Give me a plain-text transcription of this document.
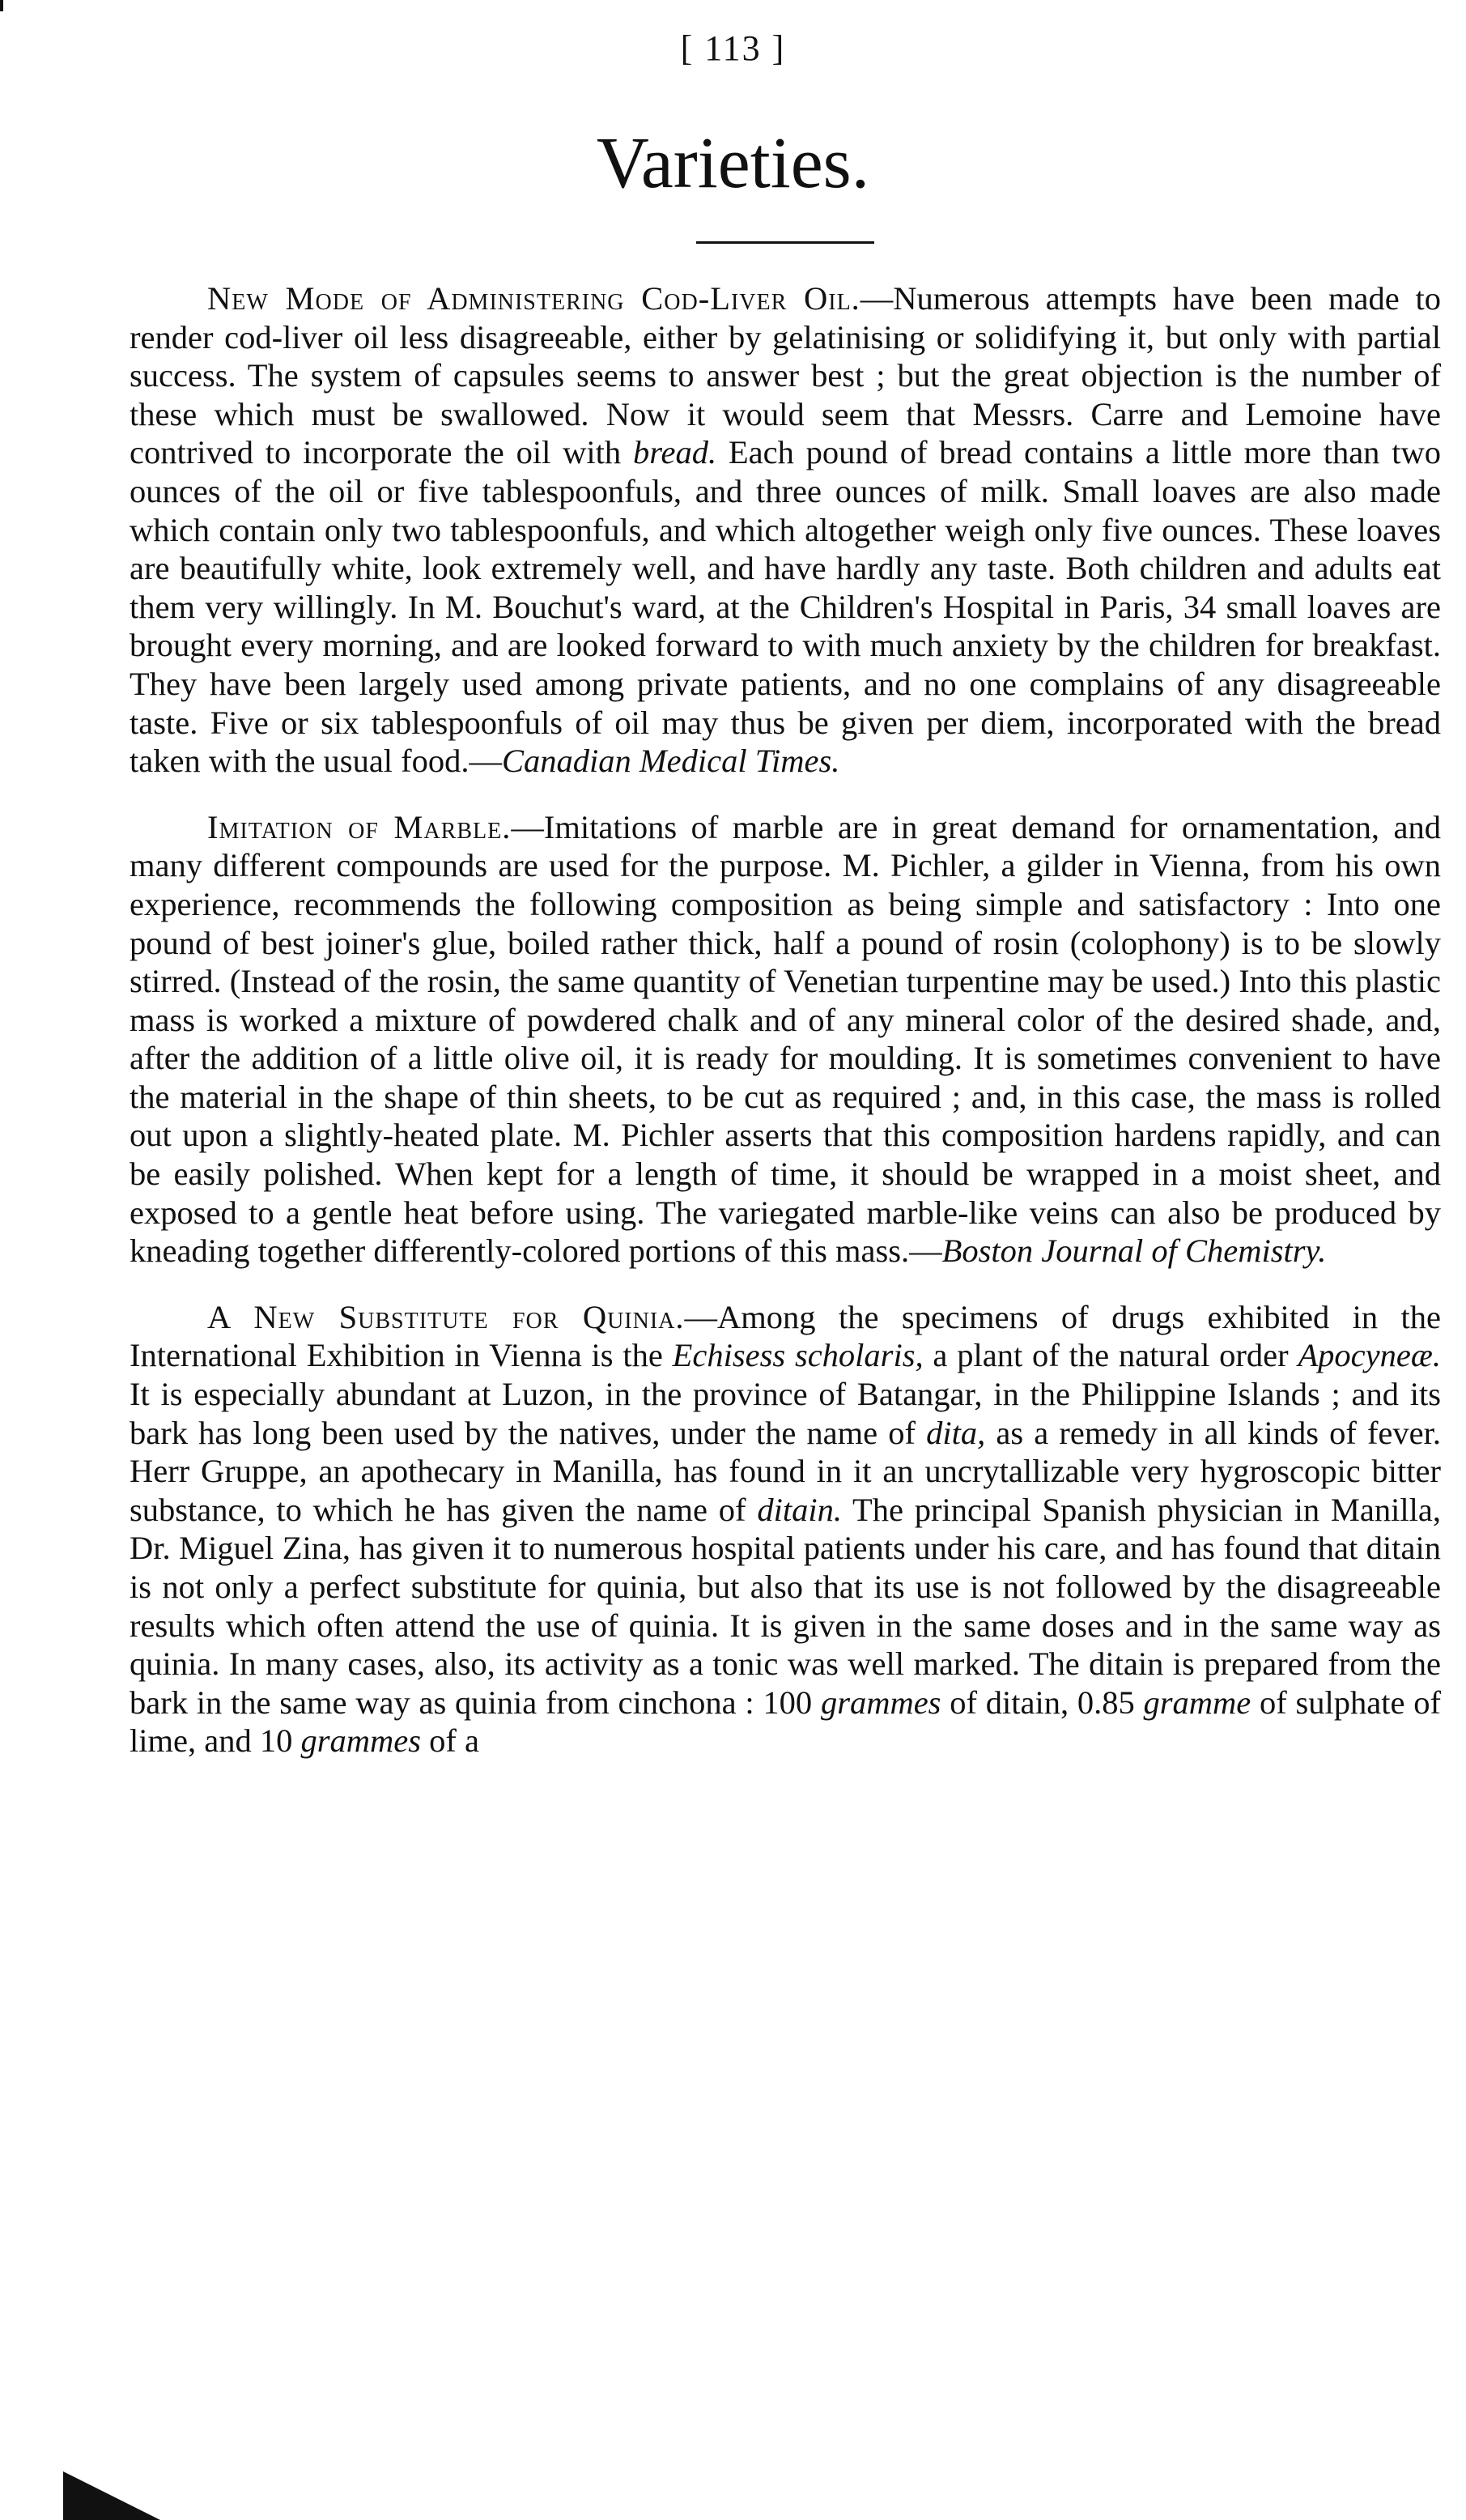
[ 113 ]
Varieties.

New Mode of Administering Cod-Liver Oil.—Numerous attempts have been made to render cod-liver oil less disagreeable, either by gelatinising or solidifying it, but only with partial success. The system of capsules seems to answer best ; but the great objection is the number of these which must be swallowed. Now it would seem that Messrs. Carre and Lemoine have contrived to incorporate the oil with bread. Each pound of bread contains a little more than two ounces of the oil or five tablespoonfuls, and three ounces of milk. Small loaves are also made which contain only two tablespoonfuls, and which altogether weigh only five ounces. These loaves are beautifully white, look extremely well, and have hardly any taste. Both children and adults eat them very willingly. In M. Bouchut's ward, at the Children's Hospital in Paris, 34 small loaves are brought every morning, and are looked forward to with much anxiety by the children for breakfast. They have been largely used among private patients, and no one complains of any disagreeable taste. Five or six tablespoonfuls of oil may thus be given per diem, incorporated with the bread taken with the usual food.—Canadian Medical Times.

Imitation of Marble.—Imitations of marble are in great demand for ornamentation, and many different compounds are used for the purpose. M. Pichler, a gilder in Vienna, from his own experience, recommends the following composition as being simple and satisfactory : Into one pound of best joiner's glue, boiled rather thick, half a pound of rosin (colophony) is to be slowly stirred. (Instead of the rosin, the same quantity of Venetian turpentine may be used.) Into this plastic mass is worked a mixture of powdered chalk and of any mineral color of the desired shade, and, after the addition of a little olive oil, it is ready for moulding. It is sometimes convenient to have the material in the shape of thin sheets, to be cut as required ; and, in this case, the mass is rolled out upon a slightly-heated plate. M. Pichler asserts that this composition hardens rapidly, and can be easily polished. When kept for a length of time, it should be wrapped in a moist sheet, and exposed to a gentle heat before using. The variegated marble-like veins can also be produced by kneading together differently-colored portions of this mass.—Boston Journal of Chemistry.

A New Substitute for Quinia.—Among the specimens of drugs exhibited in the International Exhibition in Vienna is the Echisess scholaris, a plant of the natural order Apocyneæ. It is especially abundant at Luzon, in the province of Batangar, in the Philippine Islands ; and its bark has long been used by the natives, under the name of dita, as a remedy in all kinds of fever. Herr Gruppe, an apothecary in Manilla, has found in it an uncrytallizable very hygroscopic bitter substance, to which he has given the name of ditain. The principal Spanish physician in Manilla, Dr. Miguel Zina, has given it to numerous hospital patients under his care, and has found that ditain is not only a perfect substitute for quinia, but also that its use is not followed by the disagreeable results which often attend the use of quinia. It is given in the same doses and in the same way as quinia. In many cases, also, its activity as a tonic was well marked. The ditain is prepared from the bark in the same way as quinia from cinchona : 100 grammes of ditain, 0.85 gramme of sulphate of lime, and 10 grammes of a
